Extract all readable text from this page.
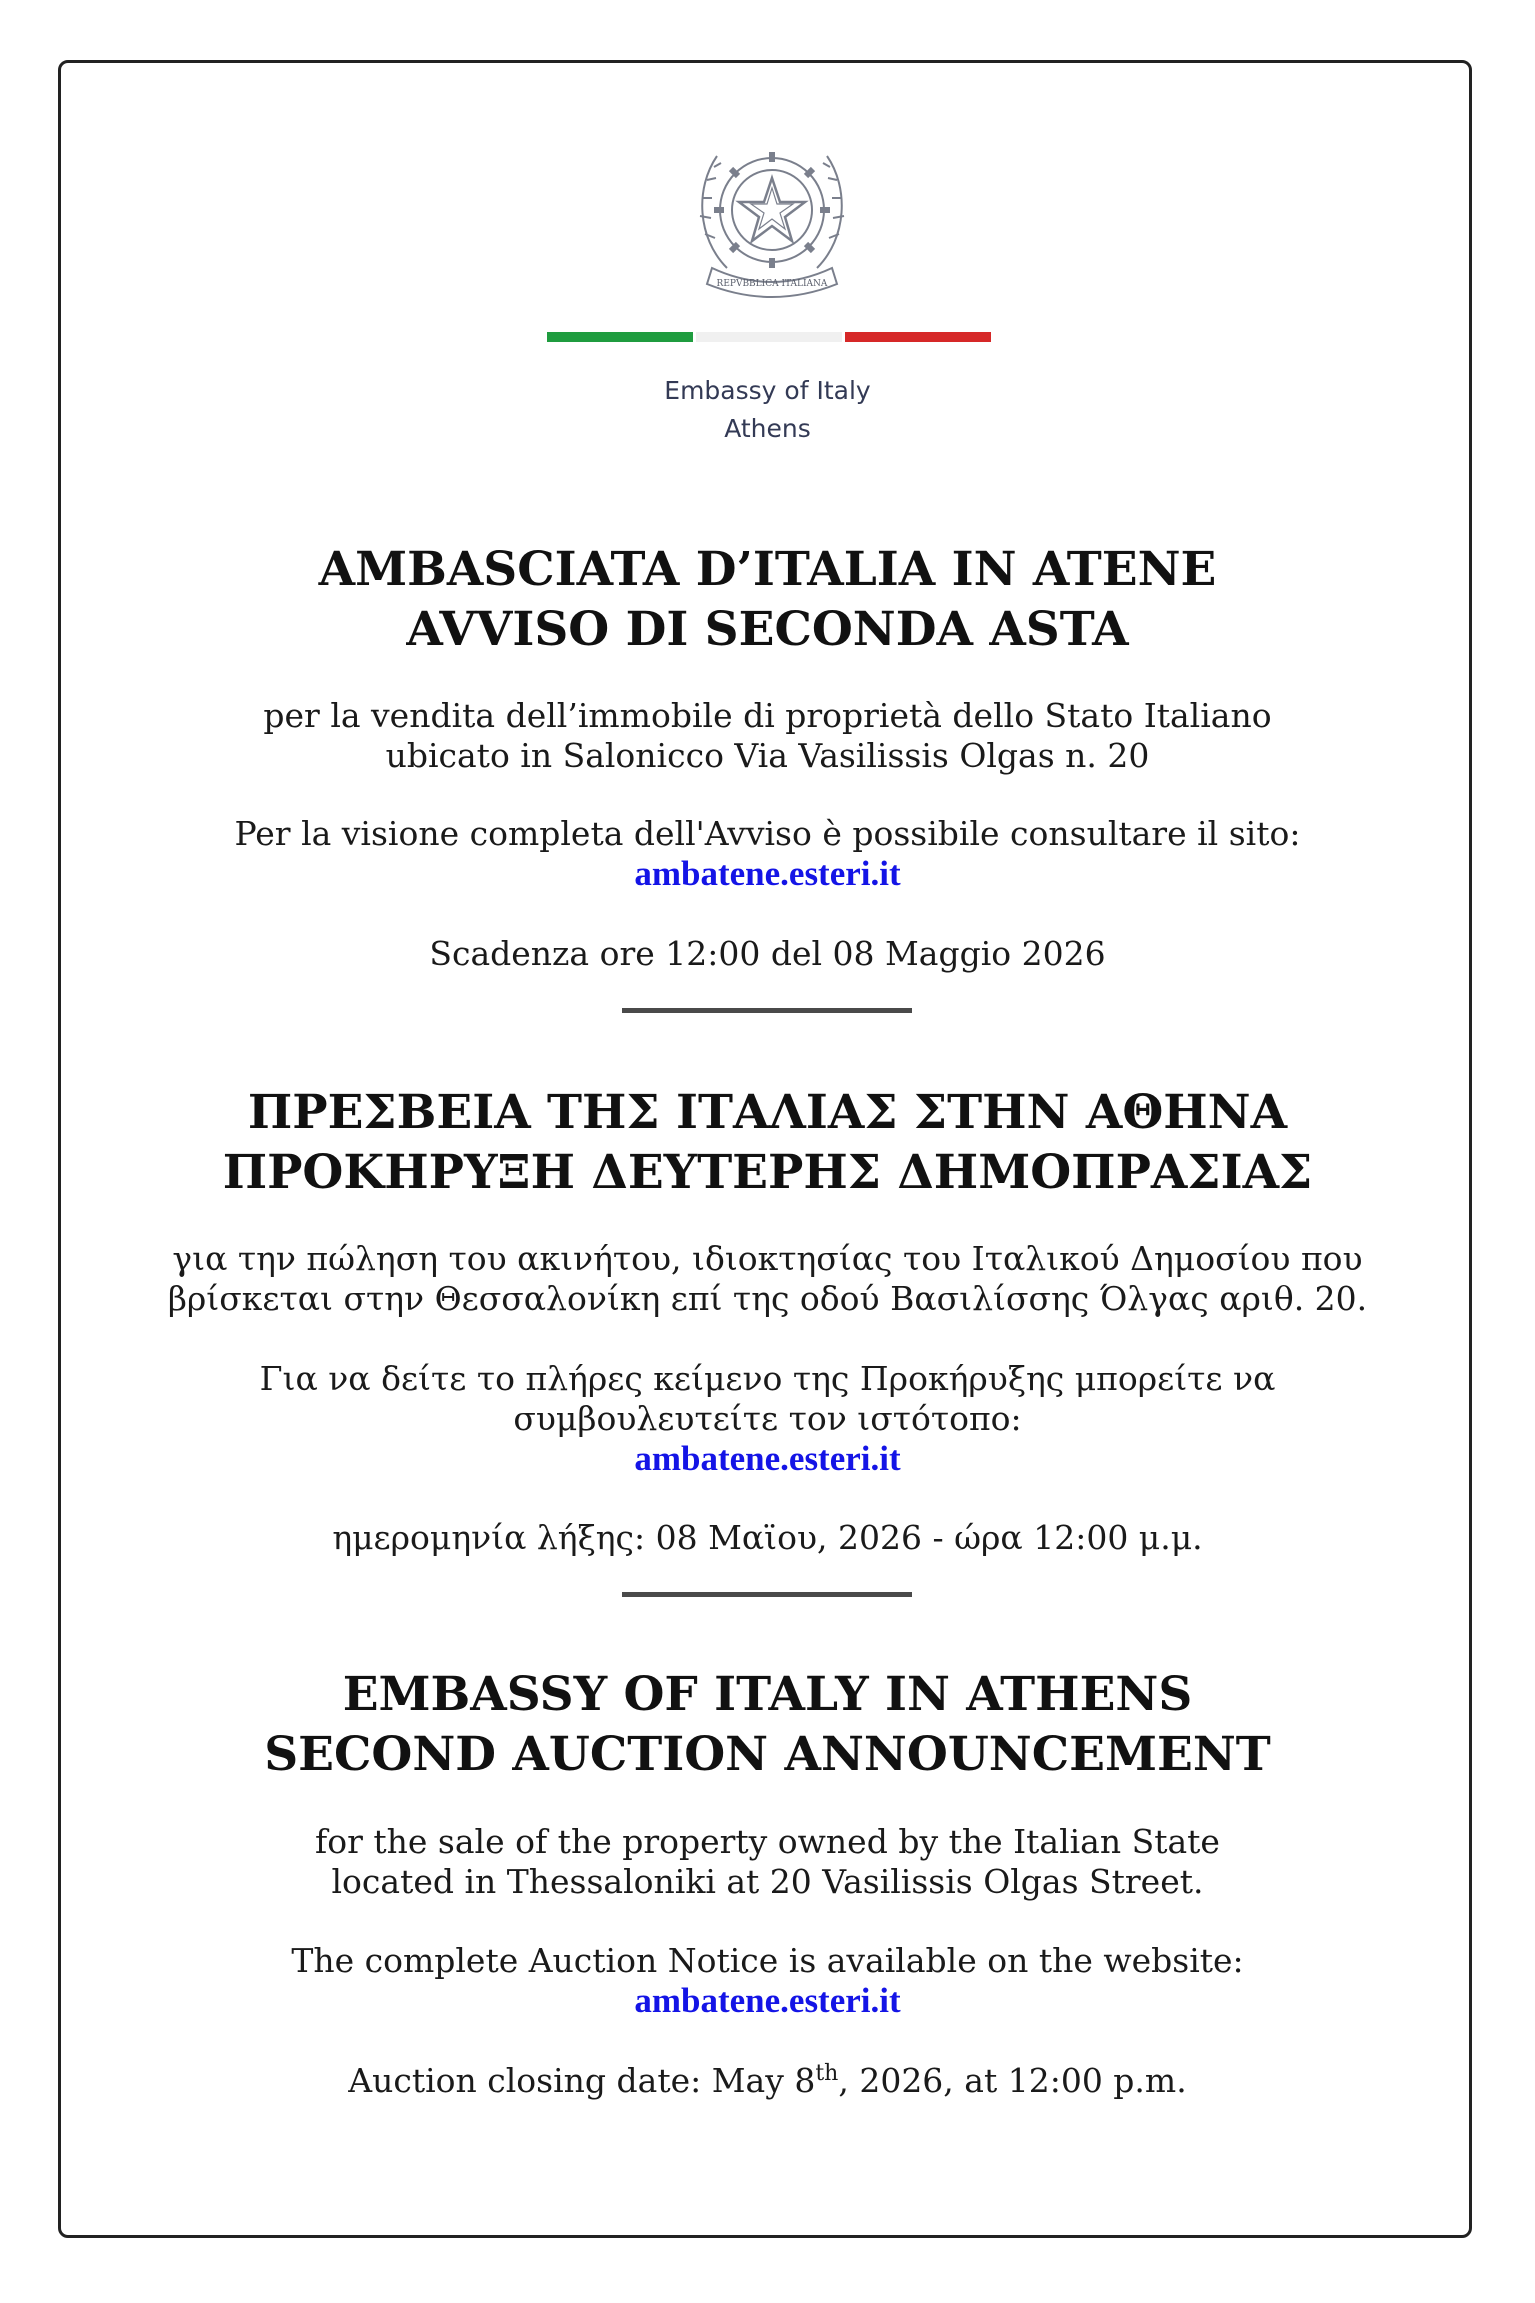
REPVBBLICA ITALIANA
Embassy of Italy
Athens

AMBASCIATA D’ITALIA IN ATENE

AVVISO DI SECONDA ASTA

per la vendita dell’immobile di proprietà dello Stato Italiano

ubicato in Salonicco Via Vasilissis Olgas n. 20

Per la visione completa dell'Avviso è possibile consultare il sito:

ambatene.esteri.it

Scadenza ore 12:00 del 08 Maggio 2026

ΠΡΕΣΒΕΙΑ ΤΗΣ ΙΤΑΛΙΑΣ ΣΤΗΝ ΑΘΗΝΑ

ΠΡΟΚΗΡΥΞΗ ΔΕΥΤΕΡΗΣ ΔΗΜΟΠΡΑΣΙΑΣ

για την πώληση του ακινήτου, ιδιοκτησίας του Ιταλικού Δημοσίου που

βρίσκεται στην Θεσσαλονίκη επί της οδού Βασιλίσσης Όλγας αριθ. 20.

Για να δείτε το πλήρες κείμενο της Προκήρυξης μπορείτε να

συμβουλευτείτε τον ιστότοπο:

ambatene.esteri.it

ημερομηνία λήξης: 08 Μαϊου, 2026 - ώρα 12:00 μ.μ.

EMBASSY OF ITALY IN ATHENS

SECOND AUCTION ANNOUNCEMENT

for the sale of the property owned by the Italian State

located in Thessaloniki at 20 Vasilissis Olgas Street.

The complete Auction Notice is available on the website:

ambatene.esteri.it

Auction closing date: May 8th, 2026, at 12:00 p.m.
